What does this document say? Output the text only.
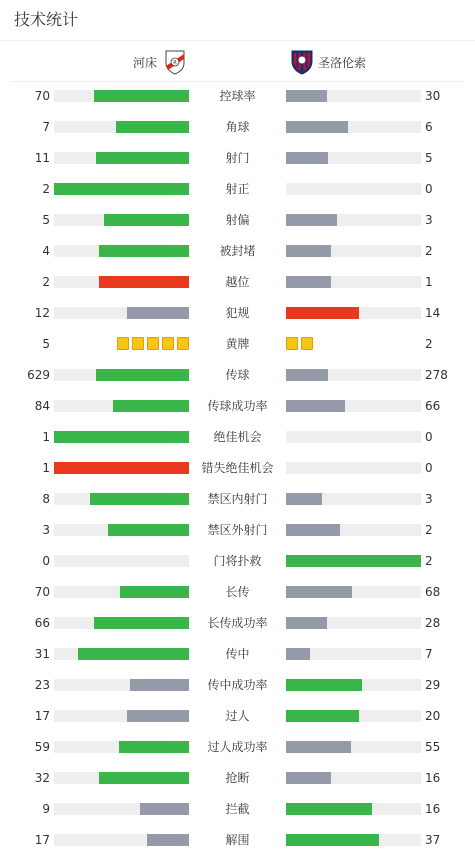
技术统计
河床	R	圣洛伦索
70	控球率	30
7	角球	6
11	射门	5
2	射正	0
5	射偏	3
4	被封堵	2
2	越位	1
12	犯规	14
5	黄牌	2
629	传球	278
84	传球成功率	66
1	绝佳机会	0
1	错失绝佳机会	0
8	禁区内射门	3
3	禁区外射门	2
0	门将扑救	2
70	长传	68
66	长传成功率	28
31	传中	7
23	传中成功率	29
17	过人	20
59	过人成功率	55
32	抢断	16
9	拦截	16
17	解围	37
